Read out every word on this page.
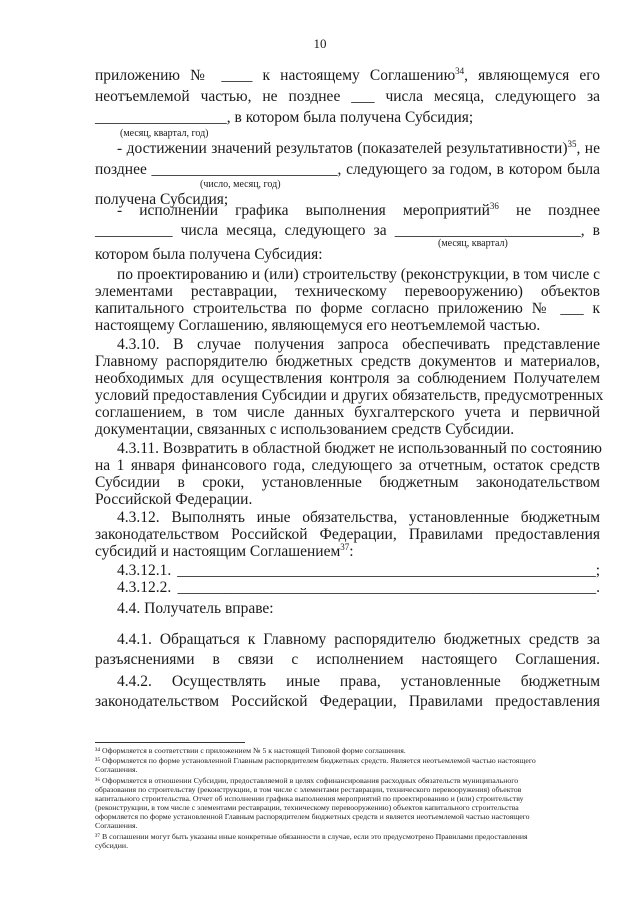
10
приложению № ____ к настоящему Соглашению$^{34}$, являющемуся его
неотъемлемой частью, не позднее ___ числа месяца, следующего за
_________________, в котором была получена Субсидия;
(месяц, квартал, год)
- достижении значений результатов (показателей результативности)$^{35}$, не
позднее ________________________, следующего за годом, в котором была
(число, месяц, год)
получена Субсидия;
- исполнении графика выполнения мероприятий$^{36}$ не позднее
__________ числа месяца, следующего за ________________________, в
(месяц, квартал)
котором была получена Субсидия:
по проектированию и (или) строительству (реконструкции, в том числе с
элементами реставрации, техническому перевооружению) объектов
капитального строительства по форме согласно приложению № ___ к
настоящему Соглашению, являющемуся его неотъемлемой частью.
4.3.10. В случае получения запроса обеспечивать представление
Главному распорядителю бюджетных средств документов и материалов,
необходимых для осуществления контроля за соблюдением Получателем
условий предоставления Субсидии и других обязательств, предусмотренных
соглашением, в том числе данных бухгалтерского учета и первичной
документации, связанных с использованием средств Субсидии.
4.3.11. Возвратить в областной бюджет не использованный по состоянию
на 1 января финансового года, следующего за отчетным, остаток средств
Субсидии в сроки, установленные бюджетным законодательством
Российской Федерации.
4.3.12. Выполнять иные обязательства, установленные бюджетным
законодательством Российской Федерации, Правилами предоставления
субсидий и настоящим Соглашением$^{37}$:
4.3.12.1. ______________________________________________________;
4.3.12.2. ______________________________________________________.
4.4. Получатель вправе:
4.4.1. Обращаться к Главному распорядителю бюджетных средств за
разъяснениями в связи с исполнением настоящего Соглашения.
4.4.2. Осуществлять иные права, установленные бюджетным
законодательством Российской Федерации, Правилами предоставления
³⁴ Оформляется в соответствии с приложением № 5 к настоящей Типовой форме соглашения.
³⁵ Оформляется по форме установленной Главным распорядителем бюджетных средств. Является неотъемлемой частью настоящего
Соглашения.
³⁶ Оформляется в отношении Субсидии, предоставляемой в целях софинансирования расходных обязательств муниципального
образования по строительству (реконструкции, в том числе с элементами реставрации, технического перевооружения) объектов
капитального строительства. Отчет об исполнении графика выполнения мероприятий по проектированию и (или) строительству
(реконструкции, в том числе с элементами реставрации, техническому перевооружению) объектов капитального строительства
оформляется по форме установленной Главным распорядителем бюджетных средств и является неотъемлемой частью настоящего
Соглашения.
³⁷ В соглашении могут быть указаны иные конкретные обязанности в случае, если это предусмотрено Правилами предоставления
субсидии.
